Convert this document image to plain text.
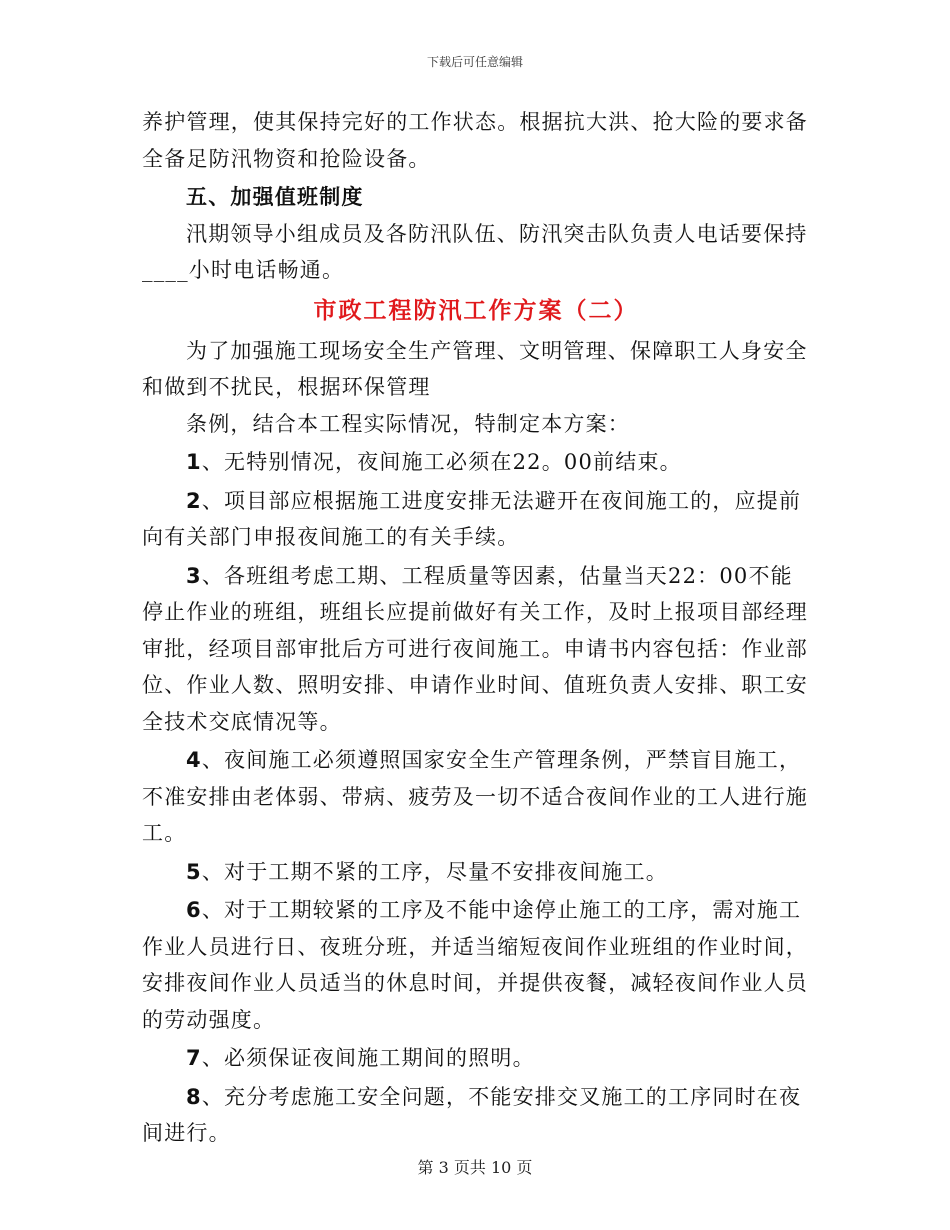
下载后可任意编辑

养护管理，使其保持完好的工作状态。根据抗大洪、抢大险的要求备

全备足防汛物资和抢险设备。

五、加强值班制度

汛期领导小组成员及各防汛队伍、防汛突击队负责人电话要保持____小时电话畅通。

市政工程防汛工作方案（二）

为了加强施工现场安全生产管理、文明管理、保障职工人身安全和做到不扰民，根据环保管理

条例，结合本工程实际情况，特制定本方案：

1、无特别情况，夜间施工必须在22。00前结束。

2、项目部应根据施工进度安排无法避开在夜间施工的，应提前向有关部门申报夜间施工的有关手续。

3、各班组考虑工期、工程质量等因素，估量当天22：00不能停止作业的班组，班组长应提前做好有关工作，及时上报项目部经理审批，经项目部审批后方可进行夜间施工。申请书内容包括：作业部位、作业人数、照明安排、申请作业时间、值班负责人安排、职工安全技术交底情况等。

4、夜间施工必须遵照国家安全生产管理条例，严禁盲目施工，不准安排由老体弱、带病、疲劳及一切不适合夜间作业的工人进行施工。

5、对于工期不紧的工序，尽量不安排夜间施工。

6、对于工期较紧的工序及不能中途停止施工的工序，需对施工作业人员进行日、夜班分班，并适当缩短夜间作业班组的作业时间，安排夜间作业人员适当的休息时间，并提供夜餐，减轻夜间作业人员的劳动强度。

7、必须保证夜间施工期间的照明。

8、充分考虑施工安全问题，不能安排交叉施工的工序同时在夜间进行。

第 3 页共 10 页
